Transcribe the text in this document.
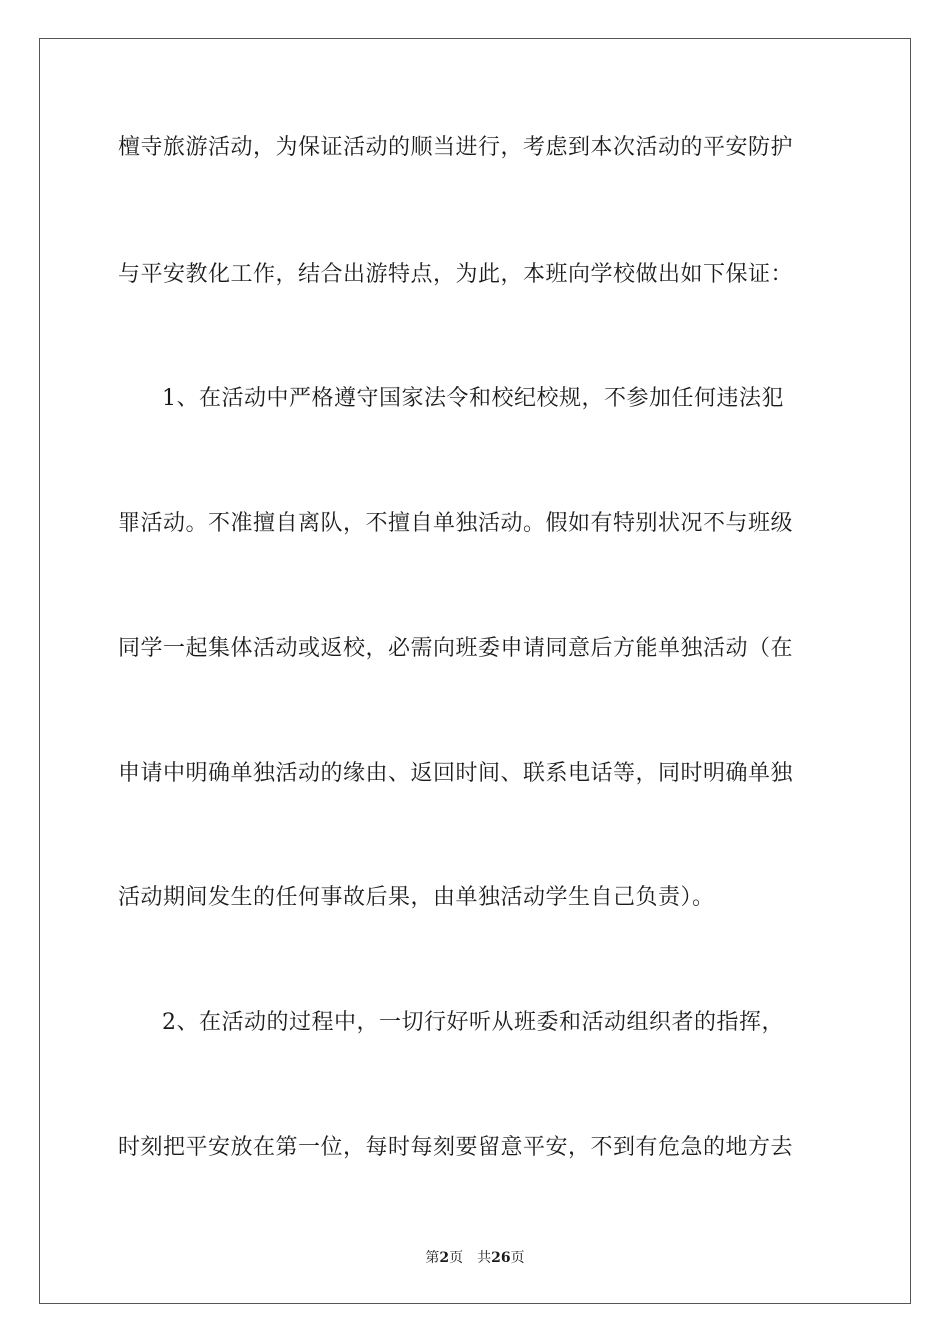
檀寺旅游活动，为保证活动的顺当进行，考虑到本次活动的平安防护
与平安教化工作，结合出游特点，为此，本班向学校做出如下保证：
1、在活动中严格遵守国家法令和校纪校规，不参加任何违法犯
罪活动。不准擅自离队，不擅自单独活动。假如有特别状况不与班级
同学一起集体活动或返校，必需向班委申请同意后方能单独活动（在
申请中明确单独活动的缘由、返回时间、联系电话等，同时明确单独
活动期间发生的任何事故后果，由单独活动学生自己负责）。
2、在活动的过程中，一切行好听从班委和活动组织者的指挥，
时刻把平安放在第一位，每时每刻要留意平安，不到有危急的地方去
第2页 共26页
